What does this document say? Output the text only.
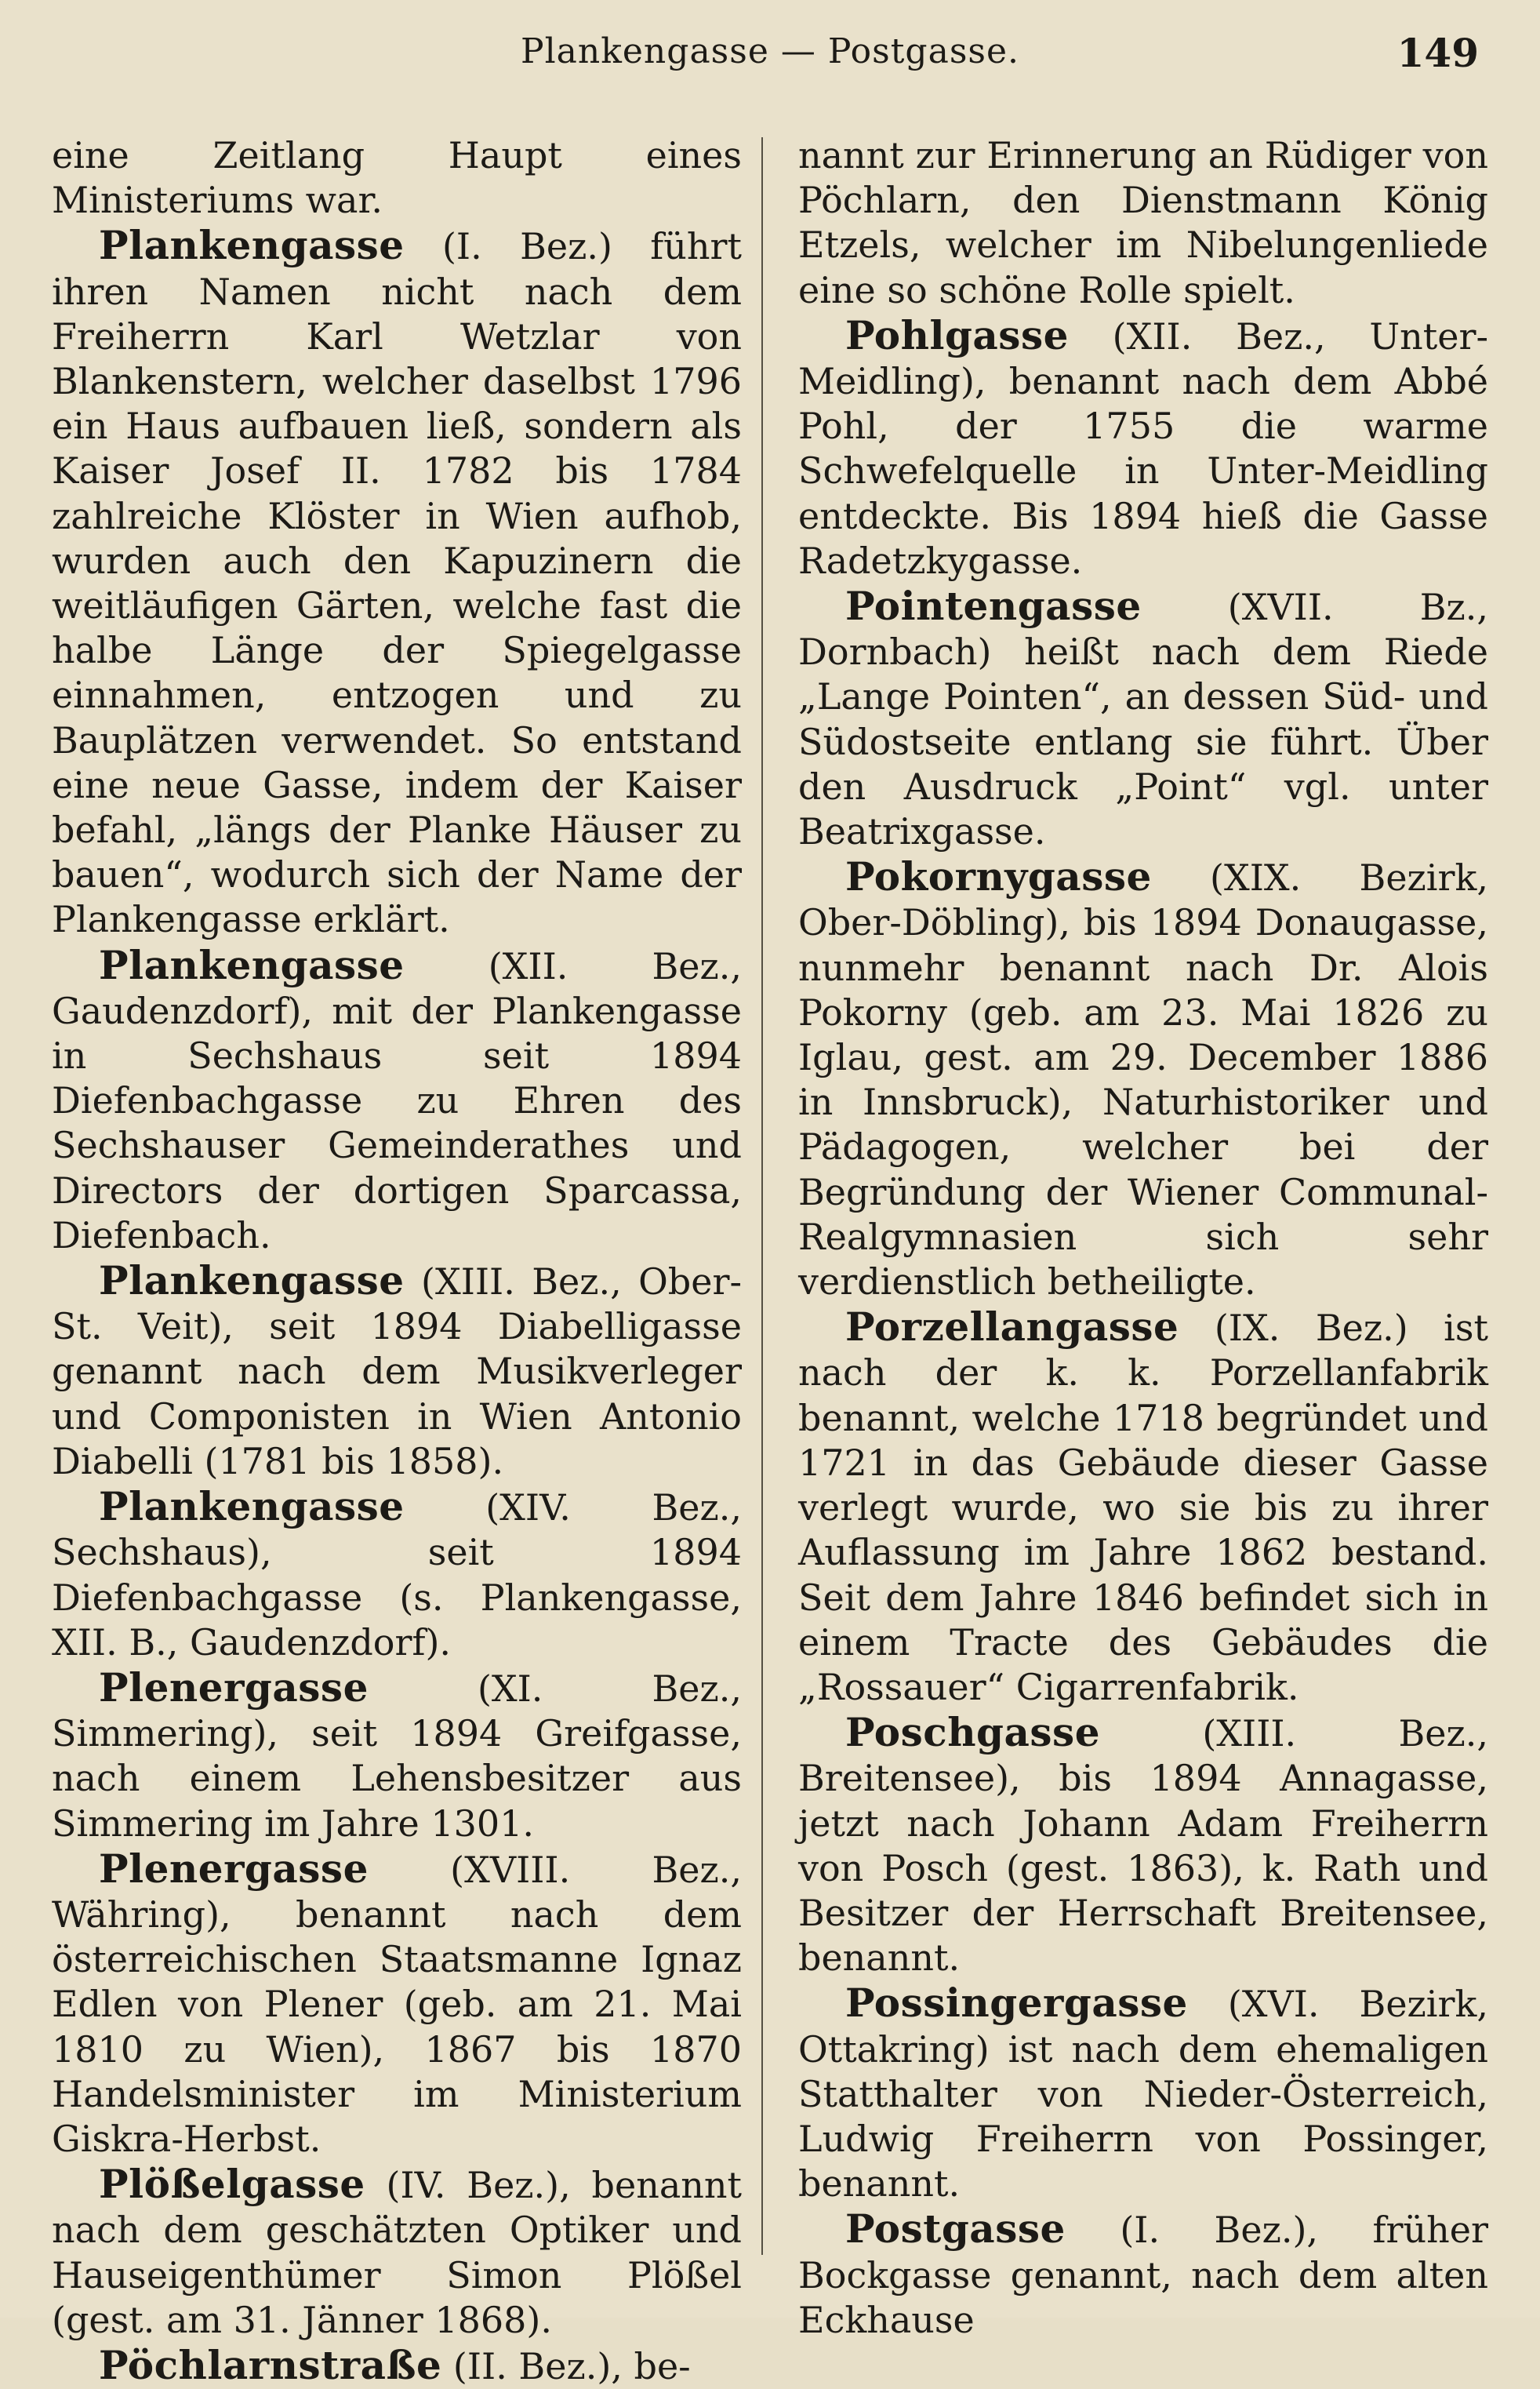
Plankengasse — Postgasse.	149

eine Zeitlang Haupt eines Ministeriums war.

Plankengasse (I. Bez.) führt ihren Namen nicht nach dem Freiherrn Karl Wetzlar von Blankenstern, welcher daselbst 1796 ein Haus aufbauen ließ, sondern als Kaiser Josef II. 1782 bis 1784 zahlreiche Klöster in Wien aufhob, wurden auch den Kapuzinern die weitläufigen Gärten, welche fast die halbe Länge der Spiegelgasse einnahmen, entzogen und zu Bauplätzen verwendet. So entstand eine neue Gasse, indem der Kaiser befahl, „längs der Planke Häuser zu bauen“, wodurch sich der Name der Plankengasse erklärt.

Plankengasse (XII. Bez., Gaudenzdorf), mit der Plankengasse in Sechshaus seit 1894 Diefenbachgasse zu Ehren des Sechshauser Gemeinderathes und Directors der dortigen Sparcassa, Diefenbach.

Plankengasse (XIII. Bez., Ober-St. Veit), seit 1894 Diabelligasse genannt nach dem Musikverleger und Componisten in Wien Antonio Diabelli (1781 bis 1858).

Plankengasse (XIV. Bez., Sechshaus), seit 1894 Diefenbachgasse (s. Plankengasse, XII. B., Gaudenzdorf).

Plenergasse (XI. Bez., Simmering), seit 1894 Greifgasse, nach einem Lehensbesitzer aus Simmering im Jahre 1301.

Plenergasse (XVIII. Bez., Währing), benannt nach dem österreichischen Staatsmanne Ignaz Edlen von Plener (geb. am 21. Mai 1810 zu Wien), 1867 bis 1870 Handelsminister im Ministerium Giskra-Herbst.

Plößelgasse (IV. Bez.), benannt nach dem geschätzten Optiker und Hauseigenthümer Simon Plößel (gest. am 31. Jänner 1868).

Pöchlarnstraße (II. Bez.), be-

nannt zur Erinnerung an Rüdiger von Pöchlarn, den Dienstmann König Etzels, welcher im Nibelungenliede eine so schöne Rolle spielt.

Pohlgasse (XII. Bez., Unter-Meidling), benannt nach dem Abbé Pohl, der 1755 die warme Schwefelquelle in Unter-Meidling entdeckte. Bis 1894 hieß die Gasse Radetzkygasse.

Pointengasse (XVII. Bz., Dornbach) heißt nach dem Riede „Lange Pointen“, an dessen Süd- und Südostseite entlang sie führt. Über den Ausdruck „Point“ vgl. unter Beatrixgasse.

Pokornygasse (XIX. Bezirk, Ober-Döbling), bis 1894 Donaugasse, nunmehr benannt nach Dr. Alois Pokorny (geb. am 23. Mai 1826 zu Iglau, gest. am 29. December 1886 in Innsbruck), Naturhistoriker und Pädagogen, welcher bei der Begründung der Wiener Communal-Realgymnasien sich sehr verdienstlich betheiligte.

Porzellangasse (IX. Bez.) ist nach der k. k. Porzellanfabrik benannt, welche 1718 begründet und 1721 in das Gebäude dieser Gasse verlegt wurde, wo sie bis zu ihrer Auflassung im Jahre 1862 bestand. Seit dem Jahre 1846 befindet sich in einem Tracte des Gebäudes die „Rossauer“ Cigarrenfabrik.

Poschgasse (XIII. Bez., Breitensee), bis 1894 Annagasse, jetzt nach Johann Adam Freiherrn von Posch (gest. 1863), k. Rath und Besitzer der Herrschaft Breitensee, benannt.

Possingergasse (XVI. Bezirk, Ottakring) ist nach dem ehemaligen Statthalter von Nieder-Österreich, Ludwig Freiherrn von Possinger, benannt.

Postgasse (I. Bez.), früher Bockgasse genannt, nach dem alten Eckhause
